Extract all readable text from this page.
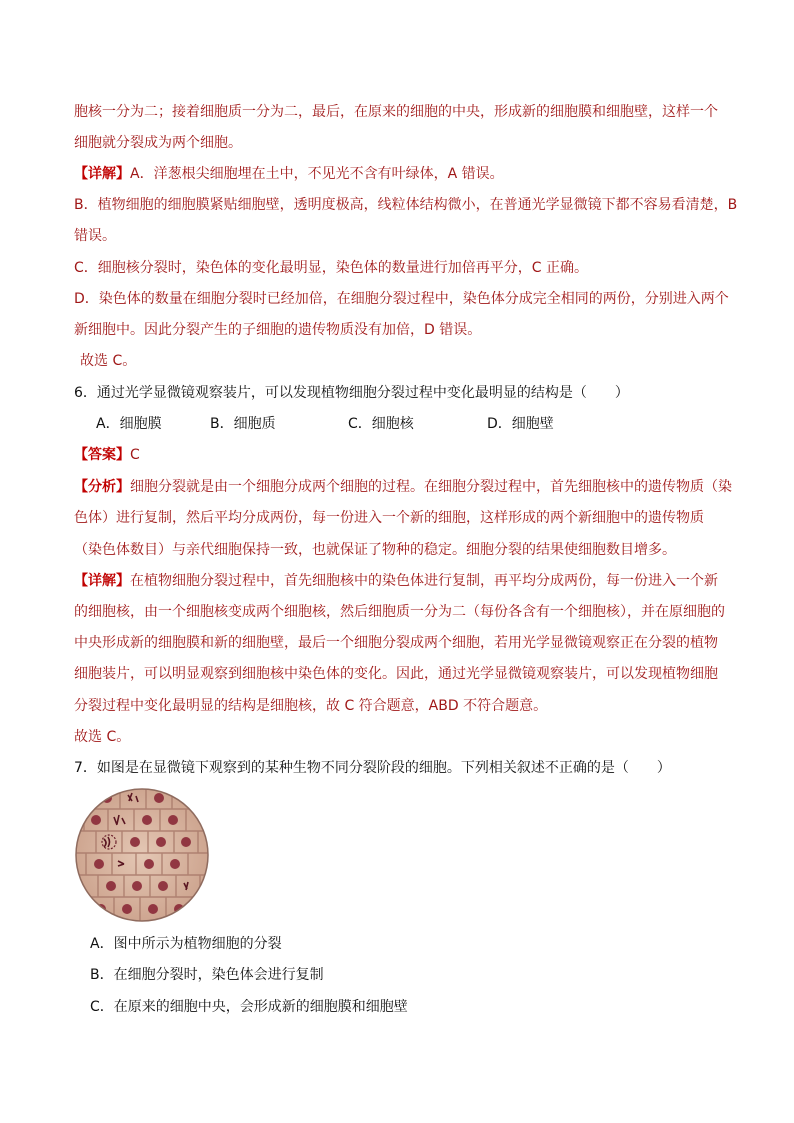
胞核一分为二；接着细胞质一分为二，最后，在原来的细胞的中央，形成新的细胞膜和细胞壁，这样一个
细胞就分裂成为两个细胞。
【详解】A．洋葱根尖细胞埋在土中，不见光不含有叶绿体，A 错误。
B．植物细胞的细胞膜紧贴细胞壁，透明度极高，线粒体结构微小，在普通光学显微镜下都不容易看清楚，B
错误。
C．细胞核分裂时，染色体的变化最明显，染色体的数量进行加倍再平分，C 正确。
D．染色体的数量在细胞分裂时已经加倍，在细胞分裂过程中，染色体分成完全相同的两份，分别进入两个
新细胞中。因此分裂产生的子细胞的遗传物质没有加倍，D 错误。
故选 C。
6．通过光学显微镜观察装片，可以发现植物细胞分裂过程中变化最明显的结构是（　　）
A．细胞膜	B．细胞质	C．细胞核	D．细胞壁
【答案】C
【分析】细胞分裂就是由一个细胞分成两个细胞的过程。在细胞分裂过程中，首先细胞核中的遗传物质（染
色体）进行复制，然后平均分成两份，每一份进入一个新的细胞，这样形成的两个新细胞中的遗传物质
（染色体数目）与亲代细胞保持一致，也就保证了物种的稳定。细胞分裂的结果使细胞数目增多。
【详解】在植物细胞分裂过程中，首先细胞核中的染色体进行复制，再平均分成两份，每一份进入一个新
的细胞核，由一个细胞核变成两个细胞核，然后细胞质一分为二（每份各含有一个细胞核），并在原细胞的
中央形成新的细胞膜和新的细胞壁，最后一个细胞分裂成两个细胞，若用光学显微镜观察正在分裂的植物
细胞装片，可以明显观察到细胞核中染色体的变化。因此，通过光学显微镜观察装片，可以发现植物细胞
分裂过程中变化最明显的结构是细胞核，故 C 符合题意，ABD 不符合题意。
故选 C。
7．如图是在显微镜下观察到的某种生物不同分裂阶段的细胞。下列相关叙述不正确的是（　　）
A．图中所示为植物细胞的分裂
B．在细胞分裂时，染色体会进行复制
C．在原来的细胞中央，会形成新的细胞膜和细胞壁
